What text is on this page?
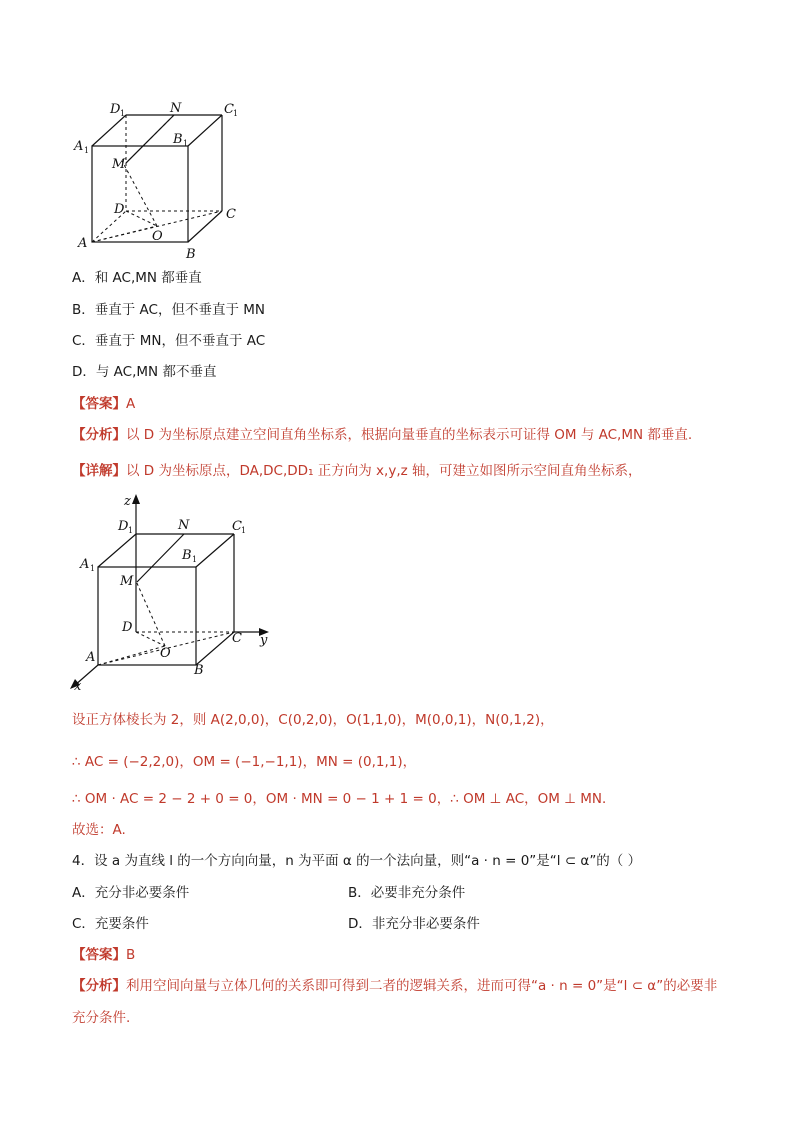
D 1	N	C 1
A 1
B 1
M
D	C
A	O
B
A．和 AC,MN 都垂直
B．垂直于 AC，但不垂直于 MN
C．垂直于 MN，但不垂直于 AC
D．与 AC,MN 都不垂直
【答案】A
【分析】以 D 为坐标原点建立空间直角坐标系，根据向量垂直的坐标表示可证得 OM 与 AC,MN 都垂直.
【详解】以 D 为坐标原点，DA,DC,DD₁ 正方向为 x,y,z 轴，可建立如图所示空间直角坐标系，
z
y
x
D 1	N	C 1
A 1
B 1
M
D
C
A	O
B
设正方体棱长为 2，则 A(2,0,0)，C(0,2,0)，O(1,1,0)，M(0,0,1)，N(0,1,2)，
∴ AC = (−2,2,0)，OM = (−1,−1,1)，MN = (0,1,1)，
∴ OM · AC = 2 − 2 + 0 = 0，OM · MN = 0 − 1 + 1 = 0，∴ OM ⊥ AC，OM ⊥ MN．
故选：A.
4．设 a 为直线 l 的一个方向向量，n 为平面 α 的一个法向量，则“a · n = 0”是“l ⊂ α”的（ ）
A．充分非必要条件	B．必要非充分条件
C．充要条件	D．非充分非必要条件
【答案】B
【分析】利用空间向量与立体几何的关系即可得到二者的逻辑关系，进而可得“a · n = 0”是“l ⊂ α”的必要非
充分条件.
